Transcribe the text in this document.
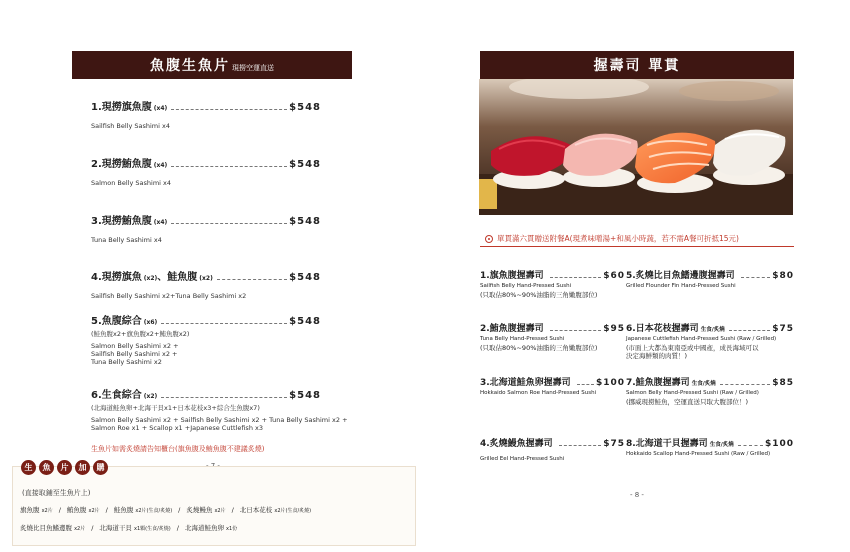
魚腹生魚片 現撈空運直送
1.現撈旗魚腹 (x4)	$548
Sailfish Belly Sashimi x4
2.現撈鮪魚腹 (x4)	$548
Salmon Belly Sashimi x4
3.現撈鮪魚腹 (x4)	$548
Tuna Belly Sashimi x4
4.現撈旗魚 (x2) 、鮭魚腹 (x2)	$548
Sailfish Belly Sashimi x2+Tuna Belly Sashimi x2
5.魚腹綜合 (x6)	$548
(鮭魚腹x2+旗魚腹x2+鮪魚腹x2)
Salmon Belly Sashimi x2 +
Sailfish Belly Sashimi x2 +
Tuna Belly Sashimi x2
6.生食綜合 (x2)	$548
(北海道鮭魚卵+北海干貝x1+日本花枝x3+綜合生魚腹x7)
Salmon Belly Sashimi x2 + Sailfish Belly Sashimi x2 + Tuna Belly Sashimi x2 +
Salmon Roe x1 + Scallop x1 +Japanese Cuttlefish x3
生魚片如需炙燒請告知櫃台(旗魚腹及鮪魚腹不建議炙燒)
生	魚	片	加	購
(直接取鋪至生魚片上)
旗魚腹 x2片 / 鮪魚腹 x2片 / 鮭魚腹 x2片(生食/炙燒) / 炙燒鰻魚 x2片 / 北日本花枝 x2片(生食/炙燒)
炙燒比目魚鰭邊腹 x2片 / 北海道干貝 x1顆(生食/炙燒) / 北海道鮭魚卵 x1份
握壽司 單貫
單貫滿六貫贈送附餐A(現煮味噌湯+和風小時蔬，若不需A餐可折抵15元)
1.旗魚腹握壽司	$60
Sailfish Belly Hand-Pressed Sushi
(只取佔80%~90%油脂的三角嫩腹部位)
2.鮪魚腹握壽司	$95
Tuna Belly Hand-Pressed Sushi
(只取佔80%~90%油脂的三角嫩腹部位)
3.北海道鮭魚卵握壽司	$100
Hokkaido Salmon Roe Hand-Pressed Sushi
4.炙燒鰻魚握壽司	$75
Grilled Eel Hand-Pressed Sushi
5.炙燒比目魚鰭邊腹握壽司	$80
Grilled Flounder Fin Hand-Pressed Sushi
6.日本花枝握壽司 生食/炙燒	$75
Japanese Cuttlefish Hand-Pressed Sushi (Raw / Grilled)
(市面上大都為東南亞或中國產，成長海域可以
決定海鮮類的肉質！)
7.鮭魚腹握壽司 生食/炙燒	$85
Salmon Belly Hand-Pressed Sushi (Raw / Grilled)
(挪威現撈鮭魚，空運直送只取大腹部位！)
8.北海道干貝握壽司 生食/炙燒	$100
Hokkaido Scallop Hand-Pressed Sushi (Raw / Grilled)
- 8 -
